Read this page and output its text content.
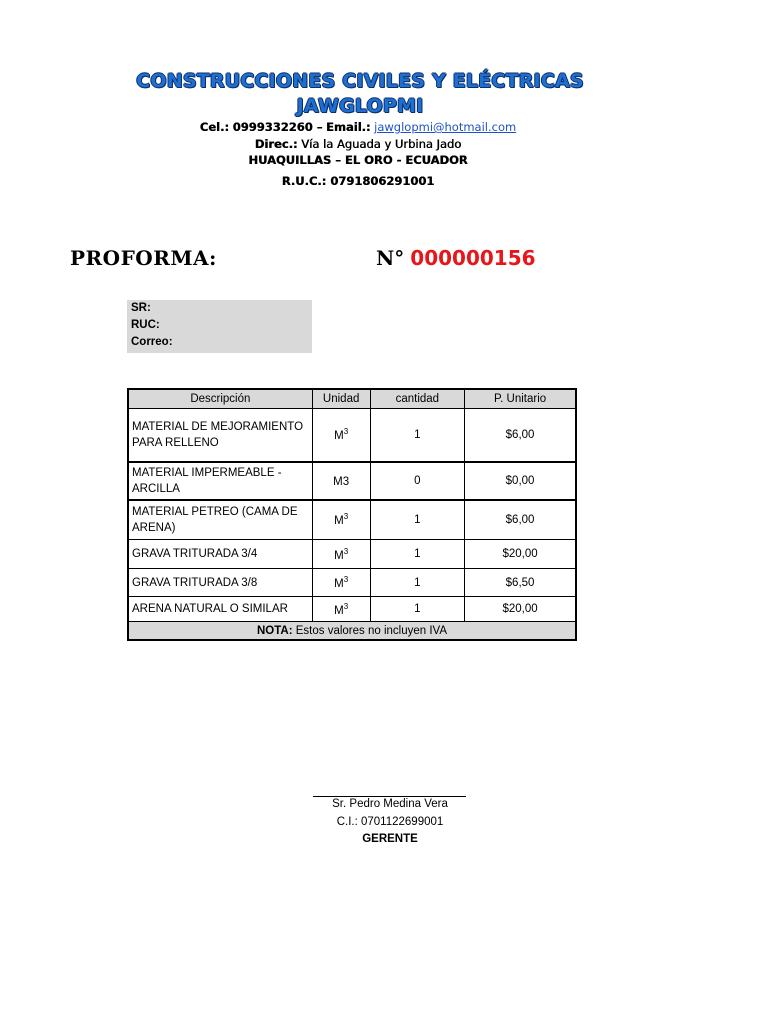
CONSTRUCCIONES CIVILES Y ELÉCTRICAS
JAWGLOPMI
Cel.: 0999332260 – Email.: jawglopmi@hotmail.com
Direc.: Vía la Aguada y Urbina Jado
HUAQUILLAS – EL ORO - ECUADOR
R.U.C.: 0791806291001
PROFORMA:	N° 000000156
SR:
RUC:
Correo:
Descripción	Unidad	cantidad	P. Unitario
MATERIAL DE MEJORAMIENTO PARA RELLENO	$M^3$	1	$6,00
MATERIAL IMPERMEABLE - ARCILLA	M3	0	$0,00
MATERIAL PETREO (CAMA DE ARENA)	$M^3$	1	$6,00
GRAVA TRITURADA 3/4	$M^3$	1	$20,00
GRAVA TRITURADA 3/8	$M^3$	1	$6,50
ARENA NATURAL O SIMILAR	$M^3$	1	$20,00
NOTA: Estos valores no incluyen IVA			
Sr. Pedro Medina Vera
C.I.: 0701122699001
GERENTE
